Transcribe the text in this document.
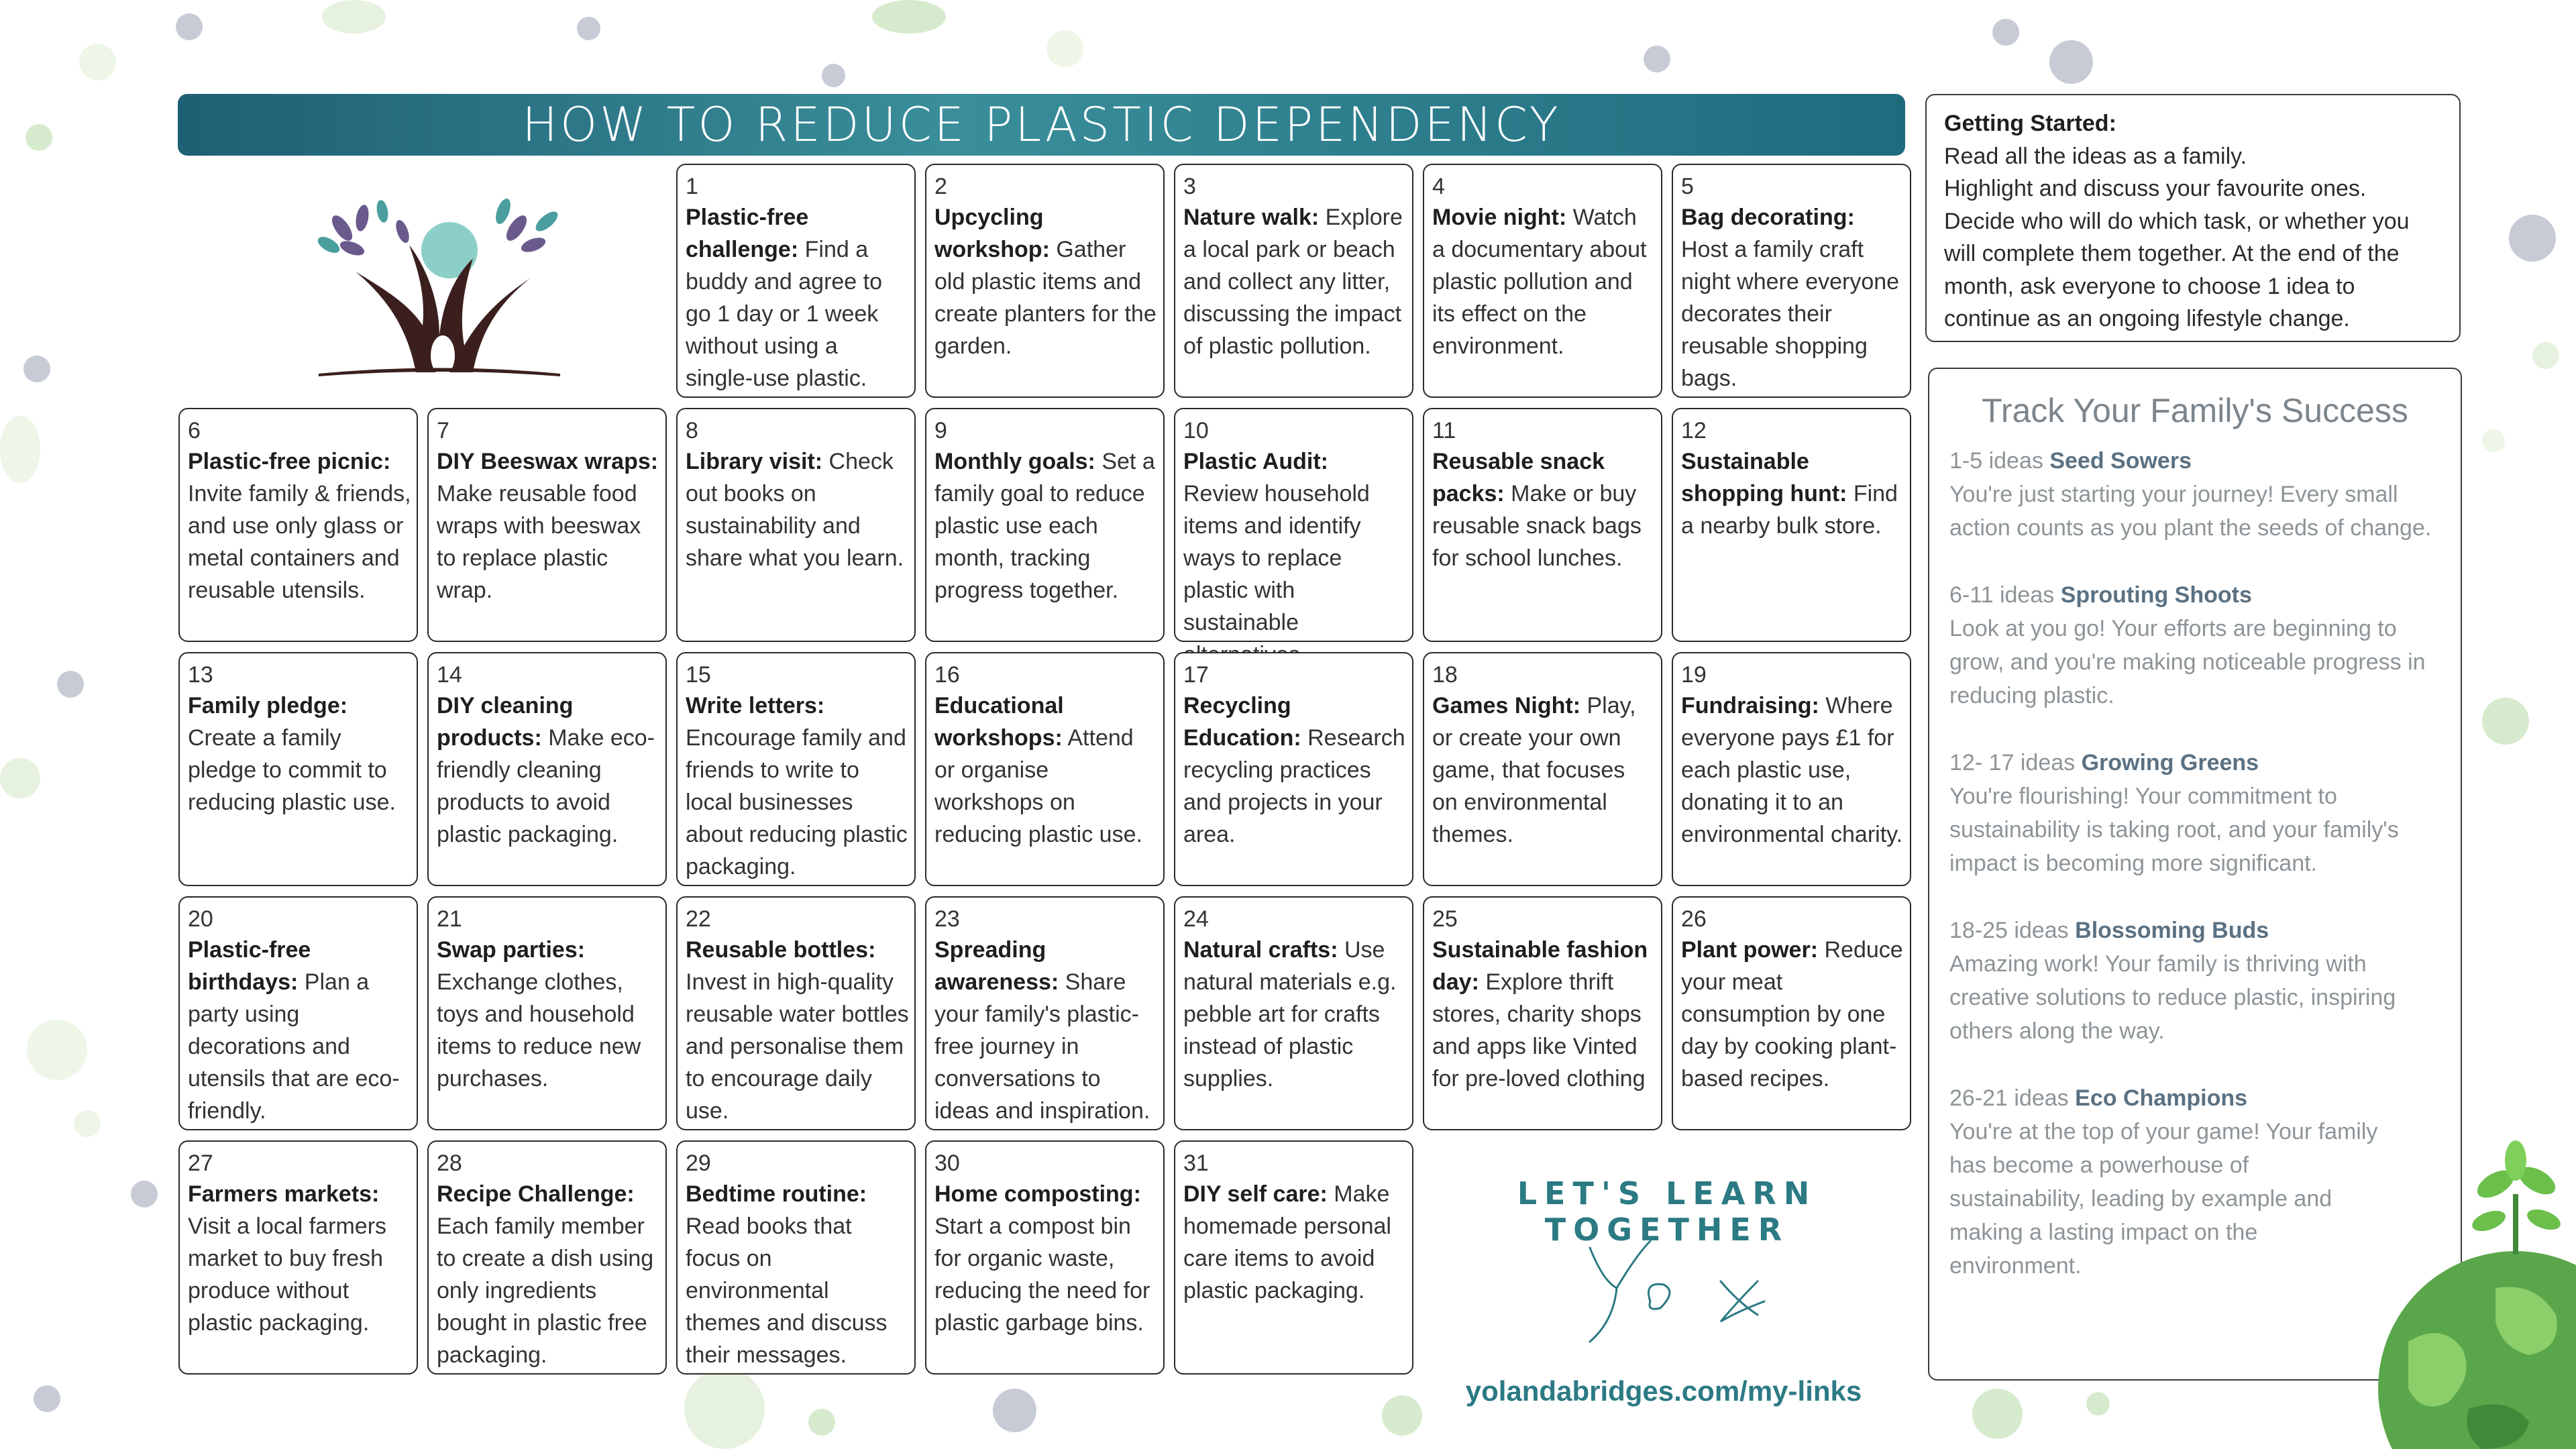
HOW TO REDUCE PLASTIC DEPENDENCY
1
Plastic-free challenge: Find a buddy and agree to go 1 day or 1 week without using a single-use plastic.
2
Upcycling workshop: Gather old plastic items and create planters for the garden.
3
Nature walk: Explore a local park or beach and collect any litter, discussing the impact of plastic pollution.
4
Movie night: Watch a documentary about plastic pollution and its effect on the environment.
5
Bag decorating: Host a family craft night where everyone decorates their reusable shopping bags.
6
Plastic-free picnic: Invite family & friends, and use only glass or metal containers and reusable utensils.
7
DIY Beeswax wraps: Make reusable food wraps with beeswax to replace plastic wrap.
8
Library visit: Check out books on sustainability and share what you learn.
9
Monthly goals: Set a family goal to reduce plastic use each month, tracking progress together.
10
Plastic Audit: Review household items and identify ways to replace plastic with sustainable
11
Reusable snack packs: Make or buy reusable snack bags for school lunches.
12
Sustainable shopping hunt: Find a nearby bulk store.
13
Family pledge: Create a family pledge to commit to reducing plastic use.
14
DIY cleaning products: Make eco-friendly cleaning products to avoid plastic packaging.
15
Write letters: Encourage family and friends to write to local businesses about reducing plastic packaging.
16
Educational workshops: Attend or organise workshops on reducing plastic use.
17
Recycling Education: Research recycling practices and projects in your area.
18
Games Night: Play, or create your own game, that focuses on environmental themes.
19
Fundraising: Where everyone pays £1 for each plastic use, donating it to an environmental charity.
20
Plastic-free birthdays: Plan a party using decorations and utensils that are eco-friendly.
21
Swap parties: Exchange clothes, toys and household items to reduce new purchases.
22
Reusable bottles: Invest in high-quality reusable water bottles and personalise them to encourage daily use.
23
Spreading awareness: Share your family's plastic-free journey in conversations to ideas and inspiration.
24
Natural crafts: Use natural materials e.g. pebble art for crafts instead of plastic supplies.
25
Sustainable fashion day: Explore thrift stores, charity shops and apps like Vinted for pre-loved clothing
26
Plant power: Reduce your meat consumption by one day by cooking plant-based recipes.
27
Farmers markets: Visit a local farmers market to buy fresh produce without plastic packaging.
28
Recipe Challenge: Each family member to create a dish using only ingredients bought in plastic free packaging.
29
Bedtime routine: Read books that focus on environmental themes and discuss their messages.
30
Home composting: Start a compost bin for organic waste, reducing the need for plastic garbage bins.
31
DIY self care: Make homemade personal care items to avoid plastic packaging.
Getting Started:
Read all the ideas as a family.
Highlight and discuss your favourite ones.
Decide who will do which task, or whether you will complete them together. At the end of the month, ask everyone to choose 1 idea to continue as an ongoing lifestyle change.
Track Your Family's Success
1-5 ideas Seed Sowers
You're just starting your journey! Every small action counts as you plant the seeds of change.
6-11 ideas Sprouting Shoots
Look at you go! Your efforts are beginning to grow, and you're making noticeable progress in reducing plastic.
12- 17 ideas Growing Greens
You're flourishing! Your commitment to sustainability is taking root, and your family's impact is becoming more significant.
18-25 ideas Blossoming Buds
Amazing work! Your family is thriving with creative solutions to reduce plastic, inspiring others along the way.
26-21 ideas Eco Champions
You're at the top of your game! Your family has become a powerhouse of sustainability, leading by example and making a lasting impact on the environment.
LET'S LEARN TOGETHER
yolandabridges.com/my-links
